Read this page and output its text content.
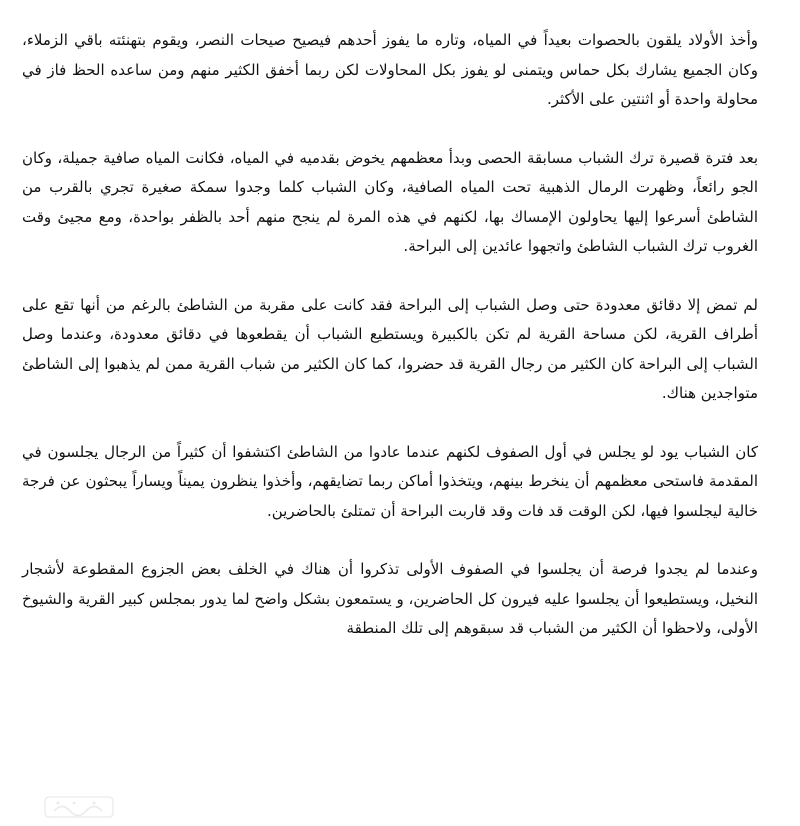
وأخذ الأولاد يلقون بالحصوات بعيداً في المياه، وتاره ما يفوز أحدهم فيصيح صيحات النصر، ويقوم بتهنئته باقي الزملاء، وكان الجميع يشارك بكل حماس ويتمنى لو يفوز بكل المحاولات لكن ربما أخفق الكثير منهم ومن ساعده الحظ فاز في محاولة واحدة أو اثنتين على الأكثر.

بعد فترة قصيرة ترك الشباب مسابقة الحصى وبدأ معظمهم يخوض بقدميه في المياه، فكانت المياه صافية جميلة، وكان الجو رائعاً، وظهرت الرمال الذهبية تحت المياه الصافية، وكان الشباب كلما وجدوا سمكة صغيرة تجري بالقرب من الشاطئ أسرعوا إليها يحاولون الإمساك بها، لكنهم في هذه المرة لم ينجح منهم أحد بالظفر بواحدة، ومع مجيئ وقت الغروب ترك الشباب الشاطئ واتجهوا عائدين إلى البراحة.

لم تمض إلا دقائق معدودة حتى وصل الشباب إلى البراحة فقد كانت على مقربة من الشاطئ بالرغم من أنها تقع على أطراف القرية، لكن مساحة القرية لم تكن بالكبيرة ويستطيع الشباب أن يقطعوها في دقائق معدودة، وعندما وصل الشباب إلى البراحة كان الكثير من رجال القرية قد حضروا، كما كان الكثير من شباب القرية ممن لم يذهبوا إلى الشاطئ متواجدين هناك.

كان الشباب يود لو يجلس في أول الصفوف لكنهم عندما عادوا من الشاطئ اكتشفوا أن كثيراً من الرجال يجلسون في المقدمة فاستحى معظمهم أن ينخرط بينهم، ويتخذوا أماكن ربما تضايقهم، وأخذوا ينظرون يميناً ويساراً يبحثون عن فرجة خالية ليجلسوا فيها، لكن الوقت قد فات وقد قاربت البراحة أن تمتلئ بالحاضرين.

وعندما لم يجدوا فرصة أن يجلسوا في الصفوف الأولى تذكروا أن هناك في الخلف بعض الجزوع المقطوعة لأشجار النخيل، ويستطيعوا أن يجلسوا عليه فيرون كل الحاضرين، و يستمعون بشكل واضح لما يدور بمجلس كبير القرية والشيوخ الأولى، ولاحظوا أن الكثير من الشباب قد سبقوهم إلى تلك المنطقة
